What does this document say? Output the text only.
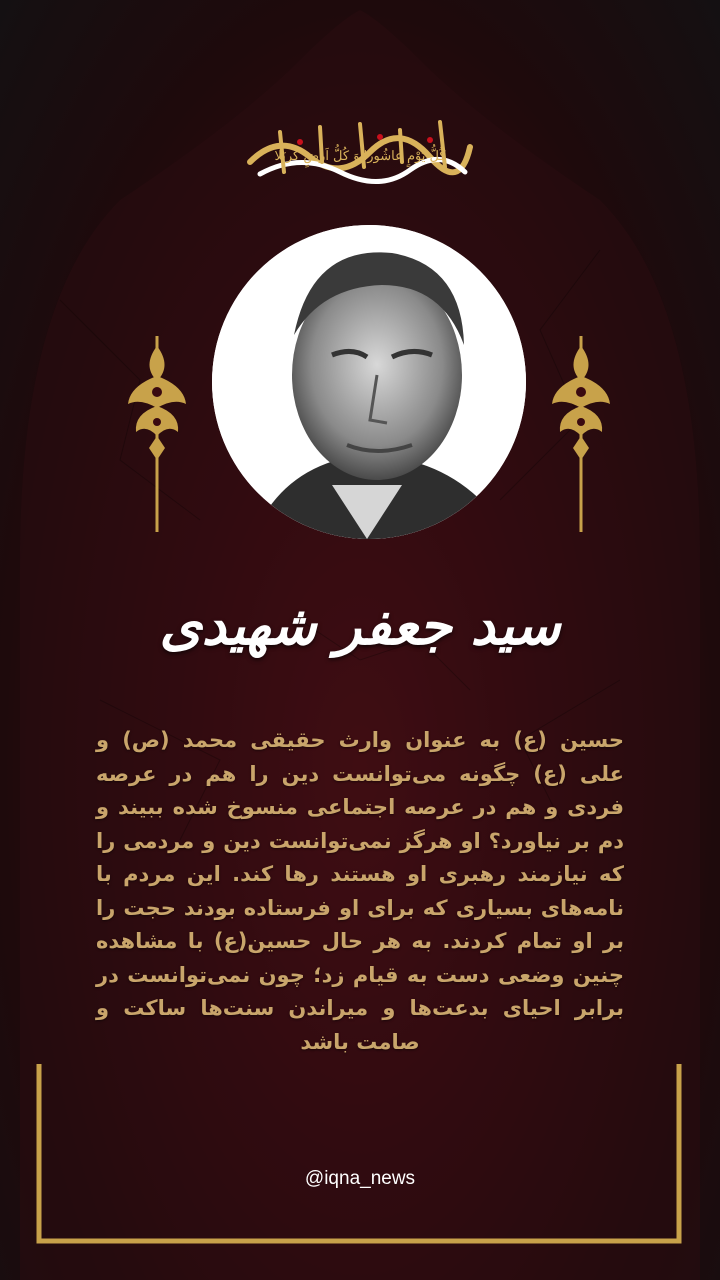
كُلُّ يَوْمٍ عاشُورا وَ كُلُّ اَرضٍ كَربَلا
سید جعفر شهیدی
حسین (ع) به عنوان وارث حقیقی محمد (ص) و علی (ع) چگونه می‌توانست دین را هم در عرصه فردی و هم در عرصه اجتماعی منسوخ شده ببیند و دم بر نیاورد؟ او هرگز نمی‌توانست دین و مردمی را که نیازمند رهبری او هستند رها کند. این مردم با نامه‌های بسیاری که برای او فرستاده بودند حجت را بر او تمام کردند. به هر حال حسین(ع) با مشاهده چنین وضعی دست به قیام زد؛ چون نمی‌توانست در برابر احیای بدعت‌ها و میراندن سنت‌ها ساکت و صامت باشد
@iqna_news
